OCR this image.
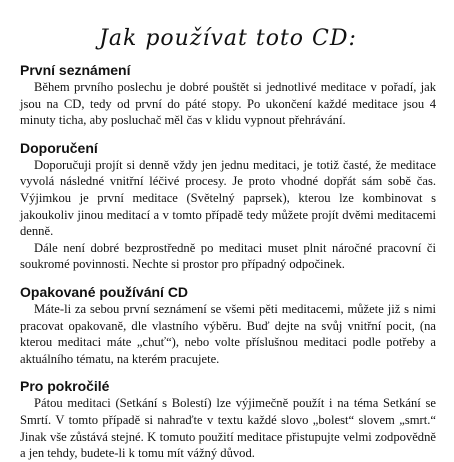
Jak používat toto CD:
První seznámení

Během prvního poslechu je dobré pouštět si jednotlivé meditace v pořadí, jak jsou na CD, tedy od první do páté stopy. Po ukončení každé meditace jsou 4 minuty ticha, aby posluchač měl čas v klidu vypnout přehrávání.

Doporučení

Doporučuji projít si denně vždy jen jednu meditaci, je totiž časté, že meditace vyvolá následné vnitřní léčivé procesy. Je proto vhodné dopřát sám sobě čas. Výjimkou je první meditace (Světelný paprsek), kterou lze kombinovat s jakoukoliv jinou meditací a v tomto případě tedy můžete projít dvěmi meditacemi denně.

Dále není dobré bezprostředně po meditaci muset plnit náročné pracovní či soukromé povinnosti. Nechte si prostor pro případný odpočinek.

Opakované používání CD

Máte-li za sebou první seznámení se všemi pěti meditacemi, můžete již s nimi pracovat opakovaně, dle vlastního výběru. Buď dejte na svůj vnitřní pocit, (na kterou meditaci máte „chuť“), nebo volte příslušnou meditaci podle potřeby a aktuálního tématu, na kterém pracujete.

Pro pokročilé

Pátou meditaci (Setkání s Bolestí) lze výjimečně použít i na téma Setkání se Smrtí. V tomto případě si nahraďte v textu každé slovo „bolest“ slovem „smrt.“ Jinak vše zůstává stejné. K tomuto použití meditace přistupujte velmi zodpovědně a jen tehdy, budete-li k tomu mít vážný důvod.
